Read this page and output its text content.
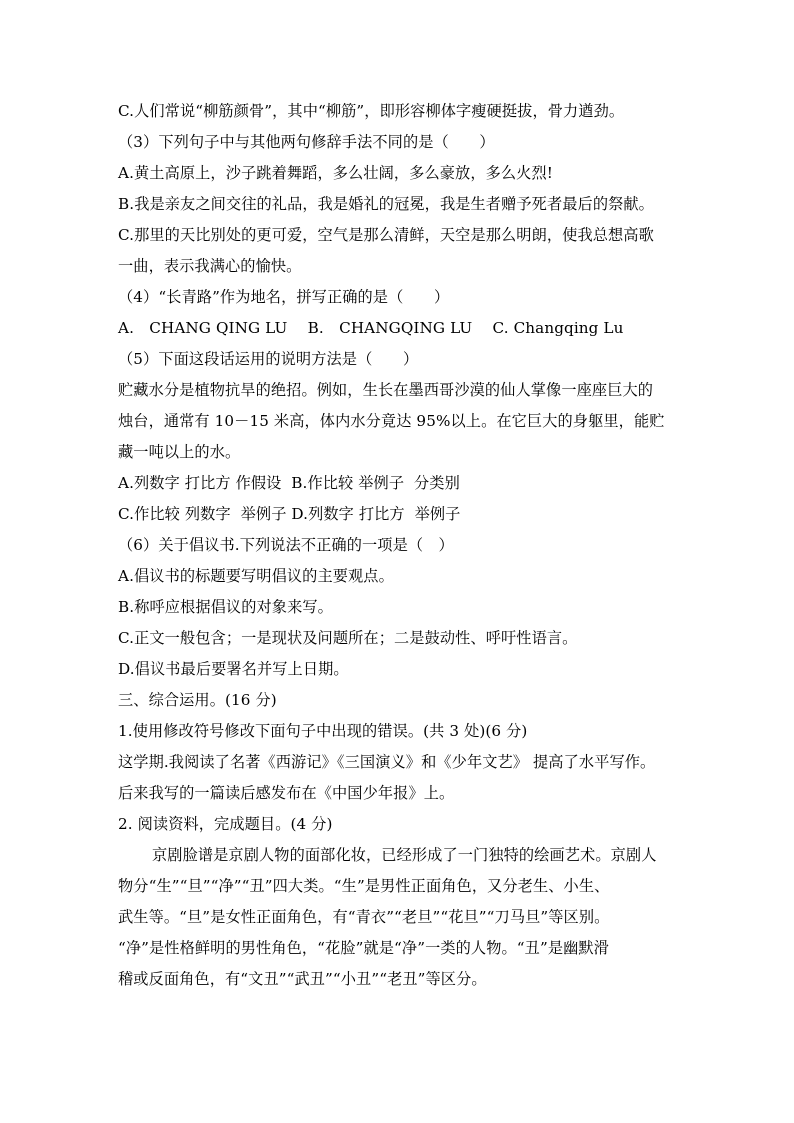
C.人们常说“柳筋颜骨”，其中“柳筋”，即形容柳体字瘦硬挺拔，骨力遒劲。
（3）下列句子中与其他两句修辞手法不同的是（　　）
A.黄土高原上，沙子跳着舞蹈，多么壮阔，多么豪放，多么火烈!
B.我是亲友之间交往的礼品，我是婚礼的冠冕，我是生者赠予死者最后的祭献。
C.那里的天比别处的更可爱，空气是那么清鲜，天空是那么明朗，使我总想高歌
一曲，表示我满心的愉快。
（4）“长青路”作为地名，拼写正确的是（　　）
A.　CHANG QING LU　 B.　CHANGQING LU　 C. Changqing Lu
（5）下面这段话运用的说明方法是（　　）
贮藏水分是植物抗旱的绝招。例如，生长在墨西哥沙漠的仙人掌像一座座巨大的
烛台，通常有 10－15 米高，体内水分竟达 95%以上。在它巨大的身躯里，能贮
藏一吨以上的水。
A.列数字 打比方 作假设  B.作比较 举例子  分类别
C.作比较 列数字  举例子 D.列数字 打比方  举例子
（6）关于倡议书.下列说法不正确的一项是（　）
A.倡议书的标题要写明倡议的主要观点。
B.称呼应根据倡议的对象来写。
C.正文一般包含；一是现状及问题所在；二是鼓动性、呼吁性语言。
D.倡议书最后要署名并写上日期。
三、综合运用。(16 分)
1.使用修改符号修改下面句子中出现的错误。(共 3 处)(6 分)
这学期.我阅读了名著《西游记》《三国演义》和《少年文艺》 提高了水平写作。
后来我写的一篇读后感发布在《中国少年报》上。
2. 阅读资料，完成题目。(4 分)
京剧脸谱是京剧人物的面部化妆，已经形成了一门独特的绘画艺术。京剧人
物分“生”“旦”“净”“丑”四大类。“生”是男性正面角色，又分老生、小生、
武生等。“旦”是女性正面角色，有“青衣”“老旦”“花旦”“刀马旦”等区别。
“净”是性格鲜明的男性角色，“花脸”就是“净”一类的人物。“丑”是幽默滑
稽或反面角色，有“文丑”“武丑”“小丑”“老丑”等区分。
